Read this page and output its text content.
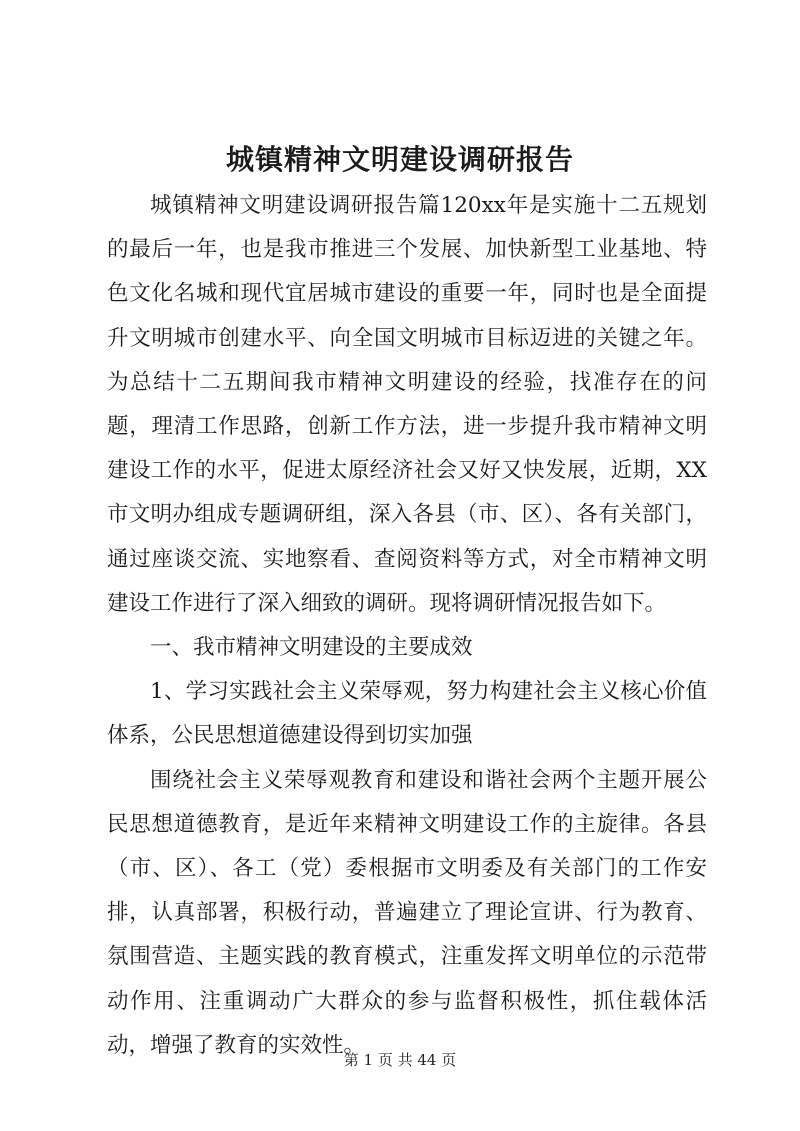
城镇精神文明建设调研报告

城镇精神文明建设调研报告篇120xx年是实施十二五规划的最后一年，也是我市推进三个发展、加快新型工业基地、特色文化名城和现代宜居城市建设的重要一年，同时也是全面提升文明城市创建水平、向全国文明城市目标迈进的关键之年。为总结十二五期间我市精神文明建设的经验，找准存在的问题，理清工作思路，创新工作方法，进一步提升我市精神文明建设工作的水平，促进太原经济社会又好又快发展，近期，XX市文明办组成专题调研组，深入各县（市、区）、各有关部门，通过座谈交流、实地察看、查阅资料等方式，对全市精神文明建设工作进行了深入细致的调研。现将调研情况报告如下。

一、我市精神文明建设的主要成效

1、学习实践社会主义荣辱观，努力构建社会主义核心价值体系，公民思想道德建设得到切实加强

围绕社会主义荣辱观教育和建设和谐社会两个主题开展公民思想道德教育，是近年来精神文明建设工作的主旋律。各县（市、区）、各工（党）委根据市文明委及有关部门的工作安排，认真部署，积极行动，普遍建立了理论宣讲、行为教育、氛围营造、主题实践的教育模式，注重发挥文明单位的示范带动作用、注重调动广大群众的参与监督积极性，抓住载体活动，增强了教育的实效性。

第 1 页 共 44 页
